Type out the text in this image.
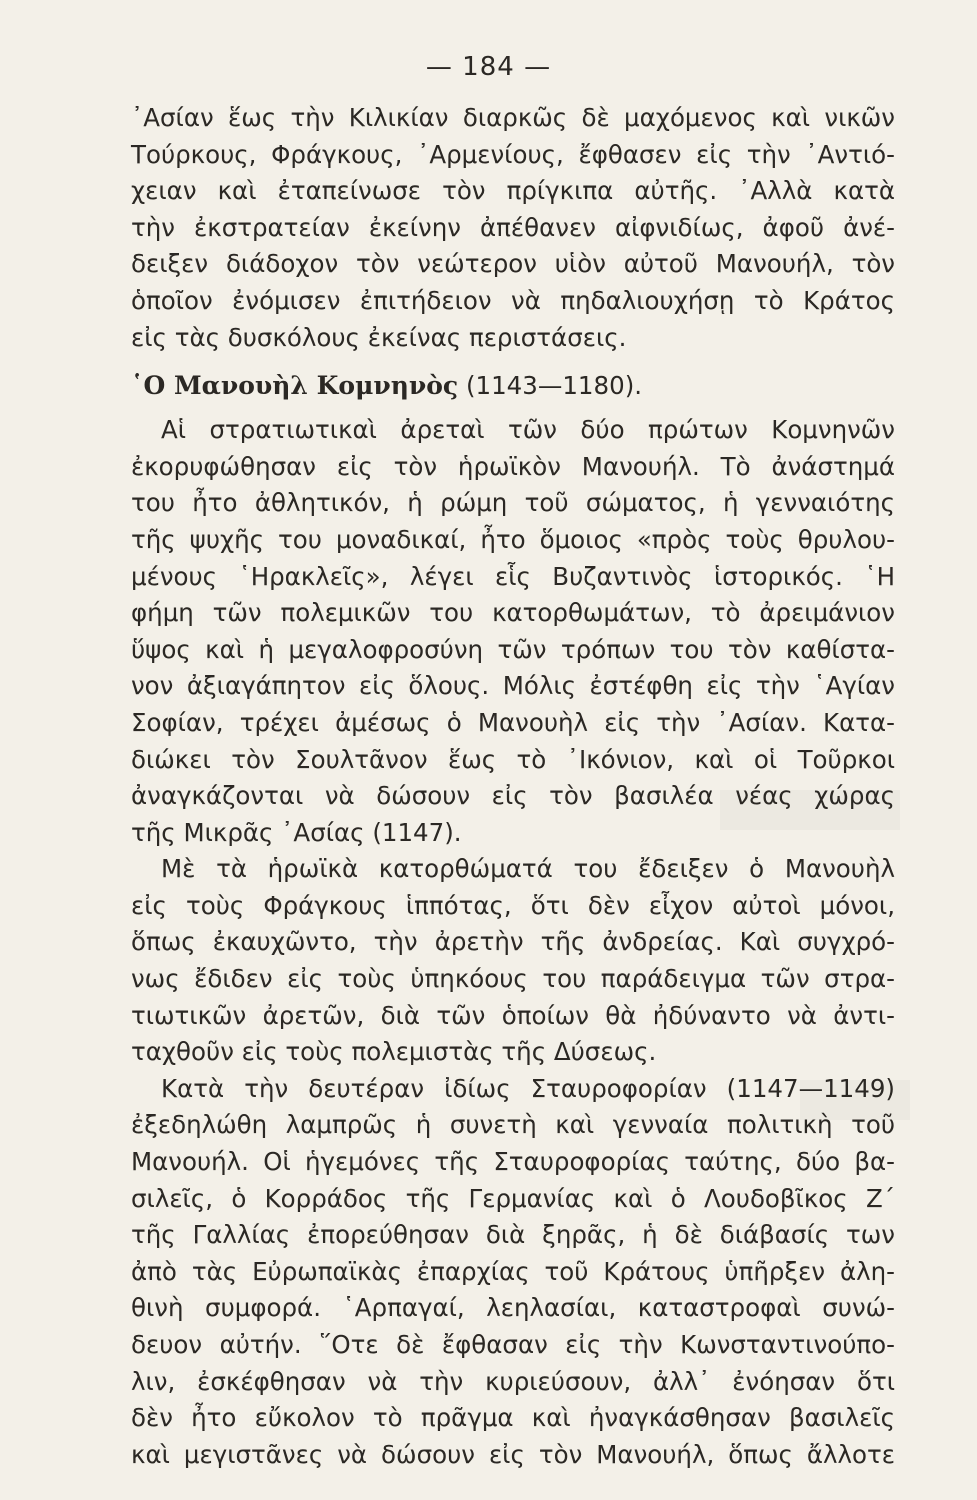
— 184 —
᾽Ασίαν ἕως τὴν Κιλικίαν διαρκῶς δὲ μαχόμενος καὶ νικῶν
Τούρκους, Φράγκους, ᾽Αρμενίους, ἔφθασεν εἰς τὴν ᾽Αντιό-
χειαν καὶ ἐταπείνωσε τὸν πρίγκιπα αὐτῆς. ᾽Αλλὰ κατὰ
τὴν ἐκστρατείαν ἐκείνην ἀπέθανεν αἰφνιδίως, ἀφοῦ ἀνέ-
δειξεν διάδοχον τὸν νεώτερον υἱὸν αὐτοῦ Μανουήλ, τὸν
ὁποῖον ἐνόμισεν ἐπιτήδειον νὰ πηδαλιουχήσῃ τὸ Κράτος
εἰς τὰς δυσκόλους ἐκείνας περιστάσεις.
῾Ο Μανουὴλ Κομνηνὸς (1143—1180).
Αἱ στρατιωτικαὶ ἀρεταὶ τῶν δύο πρώτων Κομνηνῶν
ἐκορυφώθησαν εἰς τὸν ἡρωϊκὸν Μανουήλ. Τὸ ἀνάστημά
του ἦτο ἀθλητικόν, ἡ ρώμη τοῦ σώματος, ἡ γενναιότης
τῆς ψυχῆς του μοναδικαί, ἦτο ὅμοιος «πρὸς τοὺς θρυλου-
μένους ῾Ηρακλεῖς», λέγει εἷς Βυζαντινὸς ἱστορικός. ῾Η
φήμη τῶν πολεμικῶν του κατορθωμάτων, τὸ ἀρειμάνιον
ὕψος καὶ ἡ μεγαλοφροσύνη τῶν τρόπων του τὸν καθίστα-
νον ἀξιαγάπητον εἰς ὅλους. Μόλις ἐστέφθη εἰς τὴν ῾Αγίαν
Σοφίαν, τρέχει ἀμέσως ὁ Μανουὴλ εἰς τὴν ᾽Ασίαν. Κατα-
διώκει τὸν Σουλτᾶνον ἕως τὸ ᾽Ικόνιον, καὶ οἱ Τοῦρκοι
ἀναγκάζονται νὰ δώσουν εἰς τὸν βασιλέα νέας χώρας
τῆς Μικρᾶς ᾽Ασίας (1147).
Μὲ τὰ ἡρωϊκὰ κατορθώματά του ἔδειξεν ὁ Μανουὴλ
εἰς τοὺς Φράγκους ἱππότας, ὅτι δὲν εἶχον αὐτοὶ μόνοι,
ὅπως ἐκαυχῶντο, τὴν ἀρετὴν τῆς ἀνδρείας. Καὶ συγχρό-
νως ἔδιδεν εἰς τοὺς ὑπηκόους του παράδειγμα τῶν στρα-
τιωτικῶν ἀρετῶν, διὰ τῶν ὁποίων θὰ ἠδύναντο νὰ ἀντι-
ταχθοῦν εἰς τοὺς πολεμιστὰς τῆς Δύσεως.
Κατὰ τὴν δευτέραν ἰδίως Σταυροφορίαν (1147—1149)
ἐξεδηλώθη λαμπρῶς ἡ συνετὴ καὶ γενναία πολιτικὴ τοῦ
Μανουήλ. Οἱ ἡγεμόνες τῆς Σταυροφορίας ταύτης, δύο βα-
σιλεῖς, ὁ Κορράδος τῆς Γερμανίας καὶ ὁ Λουδοβῖκος Ζ΄
τῆς Γαλλίας ἐπορεύθησαν διὰ ξηρᾶς, ἡ δὲ διάβασίς των
ἀπὸ τὰς Εὐρωπαϊκὰς ἐπαρχίας τοῦ Κράτους ὑπῆρξεν ἀλη-
θινὴ συμφορά. ῾Αρπαγαί, λεηλασίαι, καταστροφαὶ συνώ-
δευον αὐτήν. ῞Οτε δὲ ἔφθασαν εἰς τὴν Κωνσταντινούπο-
λιν, ἐσκέφθησαν νὰ τὴν κυριεύσουν, ἀλλ᾽ ἐνόησαν ὅτι
δὲν ἦτο εὔκολον τὸ πρᾶγμα καὶ ἠναγκάσθησαν βασιλεῖς
καὶ μεγιστᾶνες νὰ δώσουν εἰς τὸν Μανουήλ, ὅπως ἄλλοτε
